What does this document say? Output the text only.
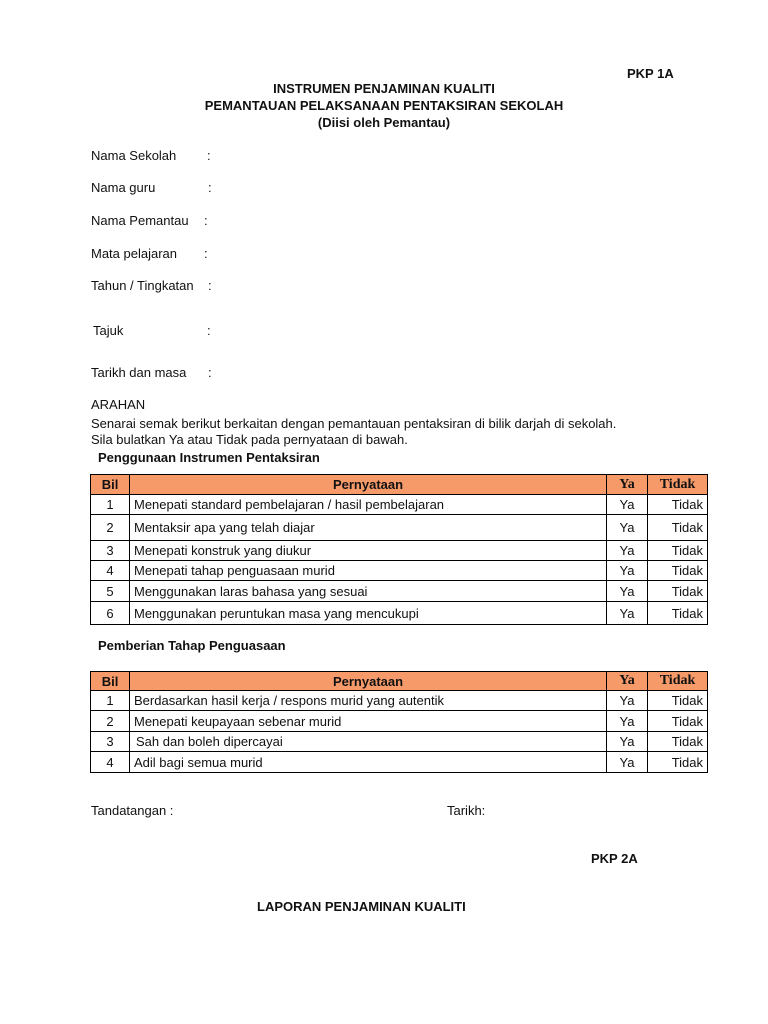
PKP 1A
INSTRUMEN PENJAMINAN KUALITI
PEMANTAUAN PELAKSANAAN PENTAKSIRAN SEKOLAH
(Diisi oleh Pemantau)
Nama Sekolah :
Nama guru	:
Nama Pemantau :
Mata pelajaran :
Tahun / Tingkatan :
Tajuk	:
Tarikh dan masa :
ARAHAN
Senarai semak berikut berkaitan dengan pemantauan pentaksiran di bilik darjah di sekolah.
Sila bulatkan Ya atau Tidak pada pernyataan di bawah.
Penggunaan Instrumen Pentaksiran
Bil	Pernyataan	Ya	Tidak
1	Menepati standard pembelajaran / hasil pembelajaran	Ya	Tidak
2	Mentaksir apa yang telah diajar	Ya	Tidak
3	Menepati konstruk yang diukur	Ya	Tidak
4	Menepati tahap penguasaan murid	Ya	Tidak
5	Menggunakan laras bahasa yang sesuai	Ya	Tidak
6	Menggunakan peruntukan masa yang mencukupi	Ya	Tidak
Pemberian Tahap Penguasaan
Bil	Pernyataan	Ya	Tidak
1	Berdasarkan hasil kerja / respons murid yang autentik	Ya	Tidak
2	Menepati keupayaan sebenar murid	Ya	Tidak
3	Sah dan boleh dipercayai	Ya	Tidak
4	Adil bagi semua murid	Ya	Tidak
Tandatangan :	Tarikh:
PKP 2A
LAPORAN PENJAMINAN KUALITI
